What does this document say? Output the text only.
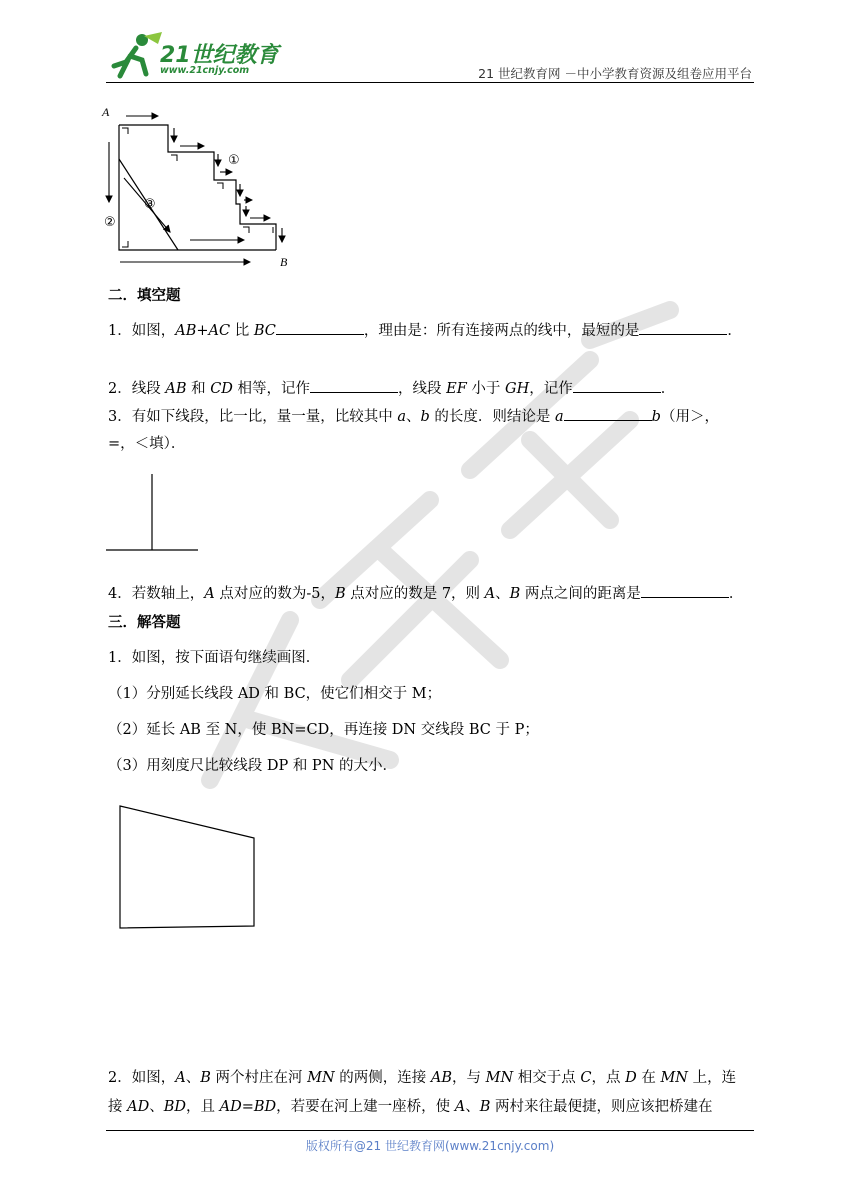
21世纪教育
www.21cnjy.com	21 世纪教育网 －中小学教育资源及组卷应用平台
A
B
①
②
③
二．填空题
1．如图，AB+AC 比 BC	，理由是：所有连接两点的线中，最短的是	．
2．线段 AB 和 CD 相等，记作	，线段 EF 小于 GH，记作	．
3．有如下线段，比一比，量一量，比较其中 a、b 的长度．则结论是 a	b（用＞，
=，＜填）．
4．若数轴上，A 点对应的数为-5，B 点对应的数是 7，则 A、B 两点之间的距离是	．
三．解答题
1．如图，按下面语句继续画图．
（1）分别延长线段 AD 和 BC，使它们相交于 M；
（2）延长 AB 至 N，使 BN=CD，再连接 DN 交线段 BC 于 P；
（3）用刻度尺比较线段 DP 和 PN 的大小．
2．如图，A、B 两个村庄在河 MN 的两侧，连接 AB，与 MN 相交于点 C，点 D 在 MN 上，连
接 AD、BD，且 AD=BD，若要在河上建一座桥，使 A、B 两村来往最便捷，则应该把桥建在
版权所有@21 世纪教育网(www.21cnjy.com)
